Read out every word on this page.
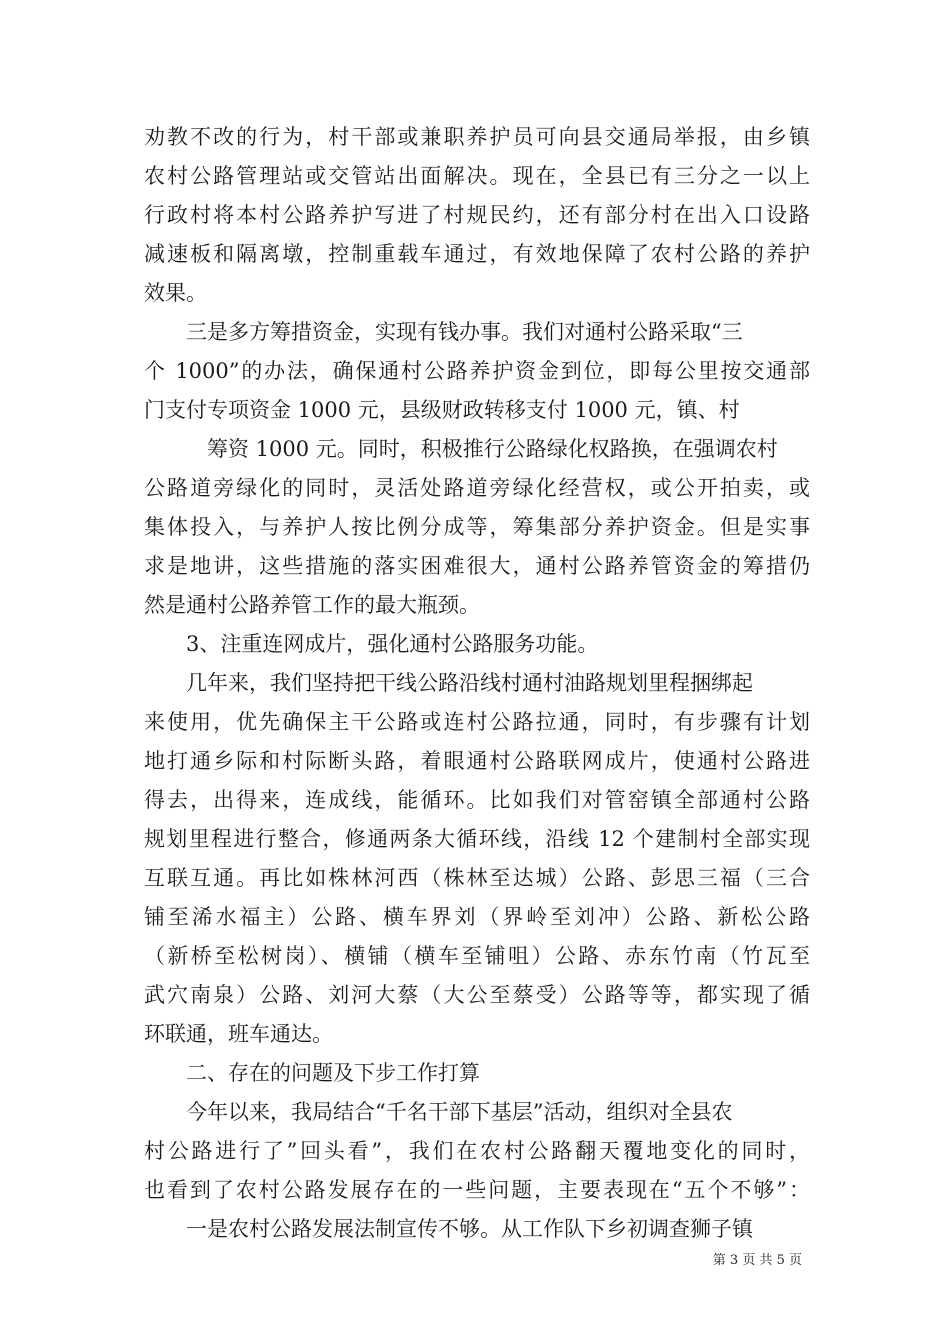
劝教不改的行为，村干部或兼职养护员可向县交通局举报，由乡镇
农村公路管理站或交管站出面解决。现在，全县已有三分之一以上
行政村将本村公路养护写进了村规民约，还有部分村在出入口设路
减速板和隔离墩，控制重载车通过，有效地保障了农村公路的养护
效果。
三是多方筹措资金，实现有钱办事。我们对通村公路采取“三
个 1000”的办法，确保通村公路养护资金到位，即每公里按交通部
门支付专项资金 1000 元，县级财政转移支付 1000 元，镇、村
筹资 1000 元。同时，积极推行公路绿化权路换，在强调农村
公路道旁绿化的同时，灵活处路道旁绿化经营权，或公开拍卖，或
集体投入，与养护人按比例分成等，筹集部分养护资金。但是实事
求是地讲，这些措施的落实困难很大，通村公路养管资金的筹措仍
然是通村公路养管工作的最大瓶颈。
3、注重连网成片，强化通村公路服务功能。
几年来，我们坚持把干线公路沿线村通村油路规划里程捆绑起
来使用，优先确保主干公路或连村公路拉通，同时，有步骤有计划
地打通乡际和村际断头路，着眼通村公路联网成片，使通村公路进
得去，出得来，连成线，能循环。比如我们对管窑镇全部通村公路
规划里程进行整合，修通两条大循环线，沿线 12 个建制村全部实现
互联互通。再比如株林河西（株林至达城）公路、彭思三福（三合
铺至浠水福主）公路、横车界刘（界岭至刘冲）公路、新松公路
（新桥至松树岗）、横铺（横车至铺咀）公路、赤东竹南（竹瓦至
武穴南泉）公路、刘河大蔡（大公至蔡受）公路等等，都实现了循
环联通，班车通达。
二、存在的问题及下步工作打算
今年以来，我局结合“千名干部下基层”活动，组织对全县农
村公路进行了”回头看”，我们在农村公路翻天覆地变化的同时，
也看到了农村公路发展存在的一些问题，主要表现在“五个不够”：
一是农村公路发展法制宣传不够。从工作队下乡初调查狮子镇
第 3 页 共 5 页
